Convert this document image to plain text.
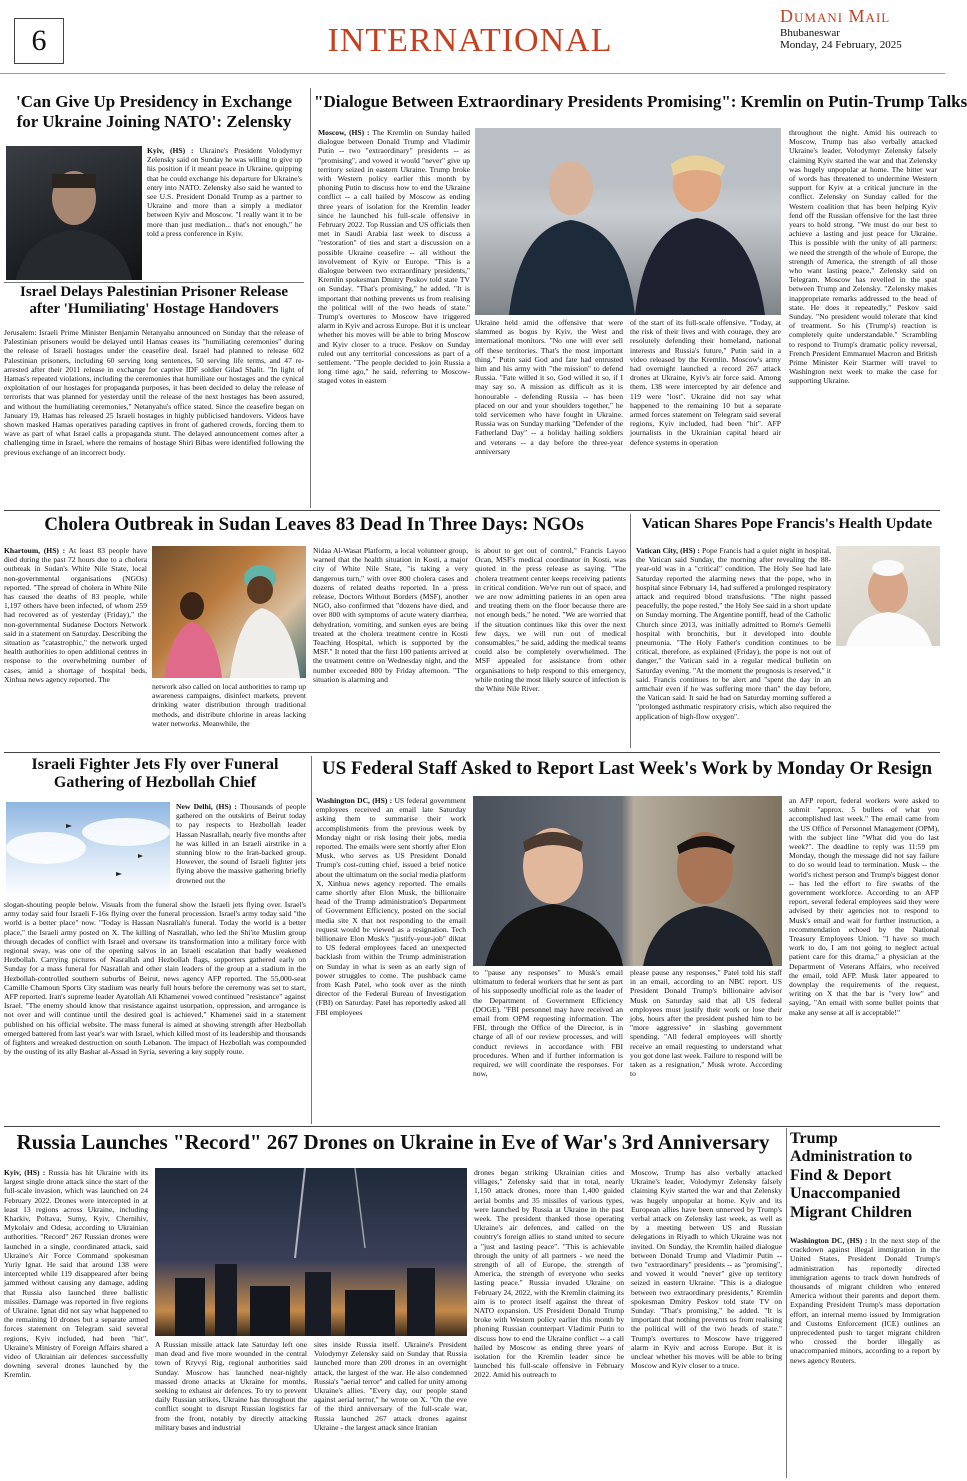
6	INTERNATIONAL
Dumani Mail
Bhubaneswar
Monday, 24 February, 2025
'Can Give Up Presidency in Exchange for Ukraine Joining NATO': Zelensky
Kyiv, (HS) : Ukraine's President Volodymyr Zelensky said on Sunday he was willing to give up his position if it meant peace in Ukraine, quipping that he could exchange his departure for Ukraine's entry into NATO. Zelensky also said he wanted to see U.S. President Donald Trump as a partner to Ukraine and more than a simply a mediator between Kyiv and Moscow. "I really want it to be more than just mediation... that's not enough," he told a press conference in Kyiv.
Israel Delays Palestinian Prisoner Release after 'Humiliating' Hostage Handovers
Jerusalem: Israeli Prime Minister Benjamin Netanyahu announced on Sunday that the release of Palestinian prisoners would be delayed until Hamas ceases its "humiliating ceremonies" during the release of Israeli hostages under the ceasefire deal. Israel had planned to release 602 Palestinian prisoners, including 60 serving long sentences, 50 serving life terms, and 47 re-arrested after their 2011 release in exchange for captive IDF soldier Gilad Shalit. "In light of Hamas's repeated violations, including the ceremonies that humiliate our hostages and the cynical exploitation of our hostages for propaganda purposes, it has been decided to delay the release of terrorists that was planned for yesterday until the release of the next hostages has been assured, and without the humiliating ceremonies," Netanyahu's office stated. Since the ceasefire began on January 19, Hamas has released 25 Israeli hostages in highly publicised handovers. Videos have shown masked Hamas operatives parading captives in front of gathered crowds, forcing them to wave as part of what Israel calls a propaganda stunt. The delayed announcement comes after a challenging time in Israel, where the remains of hostage Shiri Bibas were identified following the previous exchange of an incorrect body.
"Dialogue Between Extraordinary Presidents Promising": Kremlin on Putin-Trump Talks
Moscow, (HS) : The Kremlin on Sunday hailed dialogue between Donald Trump and Vladimir Putin -- two "extraordinary" presidents -- as "promising", and vowed it would "never" give up territory seized in eastern Ukraine. Trump broke with Western policy earlier this month by phoning Putin to discuss how to end the Ukraine conflict -- a call hailed by Moscow as ending three years of isolation for the Kremlin leader since he launched his full-scale offensive in February 2022. Top Russian and US officials then met in Saudi Arabia last week to discuss a "restoration" of ties and start a discussion on a possible Ukraine ceasefire -- all without the involvement of Kyiv or Europe. "This is a dialogue between two extraordinary presidents," Kremlin spokesman Dmitry Peskov told state TV on Sunday. "That's promising," he added. "It is important that nothing prevents us from realising the political will of the two heads of state." Trump's overtures to Moscow have triggered alarm in Kyiv and across Europe. But it is unclear whether his moves will be able to bring Moscow and Kyiv closer to a truce. Peskov on Sunday ruled out any territorial concessions as part of a settlement. "The people decided to join Russia a long time ago," he said, referring to Moscow-staged votes in eastern
Ukraine held amid the offensive that were slammed as bogus by Kyiv, the West and international monitors. "No one will ever sell off these territories. That's the most important thing." Putin said God and fate had entrusted him and his army with "the mission" to defend Russia. "Fate willed it so, God willed it so, if I may say so. A mission as difficult as it is honourable - defending Russia -- has been placed on our and your shoulders together," he told servicemen who have fought in Ukraine. Russia was on Sunday marking "Defender of the Fatherland Day" -- a holiday hailing soldiers and veterans -- a day before the three-year anniversary
of the start of its full-scale offensive. "Today, at the risk of their lives and with courage, they are resolutely defending their homeland, national interests and Russia's future," Putin said in a video released by the Kremlin. Moscow's army had overnight launched a record 267 attack drones at Ukraine, Kyiv's air force said. Among them, 138 were intercepted by air defence and 119 were "lost". Ukraine did not say what happened to the remaining 10 but a separate armed forces statement on Telegram said several regions, Kyiv included, had been "hit". AFP journalists in the Ukrainian capital heard air defence systems in operation
throughout the night. Amid his outreach to Moscow, Trump has also verbally attacked Ukraine's leader, Volodymyr Zelensky falsely claiming Kyiv started the war and that Zelensky was hugely unpopular at home. The bitter war of words has threatened to undermine Western support for Kyiv at a critical juncture in the conflict. Zelensky on Sunday called for the Western coalition that has been helping Kyiv fend off the Russian offensive for the last three years to hold strong. "We must do our best to achieve a lasting and just peace for Ukraine. This is possible with the unity of all partners: we need the strength of the whole of Europe, the strength of America, the strength of all those who want lasting peace," Zelensky said on Telegram. Moscow has revelled in the spat between Trump and Zelensky. "Zelensky makes inappropriate remarks addressed to the head of state. He does it repeatedly," Peskov said Sunday. "No president would tolerate that kind of treatment. So his (Trump's) reaction is completely quite understandable." Scrambling to respond to Trump's dramatic policy reversal, French President Emmanuel Macron and British Prime Minister Keir Starmer will travel to Washington next week to make the case for supporting Ukraine.
Cholera Outbreak in Sudan Leaves 83 Dead In Three Days: NGOs
Khartoum, (HS) : At least 83 people have died during the past 72 hours due to a cholera outbreak in Sudan's White Nile State, local non-governmental organisations (NGOs) reported. "The spread of cholera in White Nile has caused the deaths of 83 people, while 1,197 others have been infected, of whom 259 had recovered as of yesterday (Friday)," the non-governmental Sudanese Doctors Network said in a statement on Saturday. Describing the situation as "catastrophic," the network urged health authorities to open additional centres in response to the overwhelming number of cases, amid a shortage of hospital beds, Xinhua news agency reported. The
network also called on local authorities to ramp up awareness campaigns, disinfect markets, prevent drinking water distribution through traditional methods, and distribute chlorine in areas lacking water networks. Meanwhile, the
Nidaa Al-Wasat Platform, a local volunteer group, warned that the health situation in Kosti, a major city of White Nile State, "is taking a very dangerous turn," with over 800 cholera cases and dozens of related deaths reported. In a press release, Doctors Without Borders (MSF), another NGO, also confirmed that "dozens have died, and over 800 with symptoms of acute watery diarrhea, dehydration, vomiting, and sunken eyes are being treated at the cholera treatment centre in Kosti Teaching Hospital, which is supported by the MSF." It noted that the first 100 patients arrived at the treatment centre on Wednesday night, and the number exceeded 800 by Friday afternoon. "The situation is alarming and
is about to get out of control," Francis Layoo Ocan, MSF's medical coordinator in Kosti, was quoted in the press release as saying. "The cholera treatment center keeps receiving patients in critical condition. We've run out of space, and we are now admitting patients in an open area and treating them on the floor because there are not enough beds," he noted. "We are worried that if the situation continues like this over the next few days, we will run out of medical consumables," he said, adding the medical teams could also be completely overwhelmed. The MSF appealed for assistance from other organisations to help respond to this emergency, while noting the most likely source of infection is the White Nile River.
Vatican Shares Pope Francis's Health Update
Vatican City, (HS) : Pope Francis had a quiet night in hospital, the Vatican said Sunday, the morning after revealing the 88-year-old was in a "critical" condition. The Holy See had late Saturday reported the alarming news that the pope, who in hospital since February 14, had suffered a prolonged respiratory attack and required blood transfusions. "The night passed peacefully, the pope rested," the Holy See said in a short update on Sunday morning. The Argentine pontiff, head of the Catholic Church since 2013, was initially admitted to Rome's Gemelli hospital with bronchitis, but it developed into double pneumonia. "The Holy Father's condition continues to be critical, therefore, as explained (Friday), the pope is not out of danger," the Vatican said in a regular medical bulletin on Saturday evening. "At the moment the prognosis is reserved," it said. Francis continues to be alert and "spent the day in an armchair even if he was suffering more than" the day before, the Vatican said. It said he had on Saturday morning suffered a "prolonged asthmatic respiratory crisis, which also required the application of high-flow oxygen".
Israeli Fighter Jets Fly over Funeral Gathering of Hezbollah Chief
New Delhi, (HS) : Thousands of people gathered on the outskirts of Beirut today to pay respects to Hezbollah leader Hassan Nasrallah, nearly five months after he was killed in an Israeli airstrike in a stunning blow to the Iran-backed group. However, the sound of Israeli fighter jets flying above the massive gathering briefly drowned out the
slogan-shouting people below. Visuals from the funeral show the Israeli jets flying over. Israel's army today said four Israeli F-16s flying over the funeral procession. Israel's army today said "the world is a better place" now. "Today is Hassan Nasrallah's funeral. Today the world is a better place," the Israeli army posted on X. The killing of Nasrallah, who led the Shi'ite Muslim group through decades of conflict with Israel and oversaw its transformation into a military force with regional sway, was one of the opening salvos in an Israeli escalation that badly weakened Hezbollah. Carrying pictures of Nasrallah and Hezbollah flags, supporters gathered early on Sunday for a mass funeral for Nasrallah and other slain leaders of the group at a stadium in the Hezbollah-controlled southern suburbs of Beirut, news agency AFP reported. The 55,000-seat Camille Chamoun Sports City stadium was nearly full hours before the ceremony was set to start, AFP reported. Iran's supreme leader Ayatollah Ali Khamenei vowed continued "resistance" against Israel. "The enemy should know that resistance against usurpation, oppression, and arrogance is not over and will continue until the desired goal is achieved," Khamenei said in a statement published on his official website. The mass funeral is aimed at showing strength after Hezbollah emerged battered from last year's war with Israel, which killed most of its leadership and thousands of fighters and wreaked destruction on south Lebanon. The impact of Hezbollah was compounded by the ousting of its ally Bashar al-Assad in Syria, severing a key supply route.
US Federal Staff Asked to Report Last Week's Work by Monday Or Resign
Washington DC, (HS) : US federal government employees received an email late Saturday asking them to summarise their work accomplishments from the previous week by Monday night or risk losing their jobs, media reported. The emails were sent shortly after Elon Musk, who serves as US President Donald Trump's cost-cutting chief, issued a brief notice about the ultimatum on the social media platform X, Xinhua news agency reported. The emails came shortly after Elon Musk, the billionaire head of the Trump administration's Department of Government Efficiency, posted on the social media site X that not responding to the email request would be viewed as a resignation. Tech billionaire Elon Musk's "justify-your-job" diktat to US federal employees faced an unexpected backlash from within the Trump administration on Sunday in what is seen as an early sign of power struggles to come. The pushback came from Kash Patel, who took over as the ninth director of the Federal Bureau of Investigation (FBI) on Saturday. Patel has reportedly asked all FBI employees
to "pause any responses" to Musk's email ultimatum to federal workers that he sent as part of his supposedly unofficial role as the leader of the Department of Government Efficiency (DOGE). "FBI personnel may have received an email from OPM requesting information. The FBI, through the Office of the Director, is in charge of all of our review processes, and will conduct reviews in accordance with FBI procedures. When and if further information is required, we will coordinate the responses. For now,
please pause any responses," Patel told his staff in an email, according to an NBC report. US President Donald Trump's billionaire advisor Musk on Saturday said that all US federal employees must justify their work or lose their jobs, hours after the president pushed him to be "more aggressive" in slashing government spending. "All federal employees will shortly receive an email requesting to understand what you got done last week. Failure to respond will be taken as a resignation," Musk wrote. According to
an AFP report, federal workers were asked to submit "approx. 5 bullets of what you accomplished last week." The email came from the US Office of Personnel Management (OPM), with the subject line "What did you do last week?". The deadline to reply was 11:59 pm Monday, though the message did not say failure to do so would lead to termination. Musk -- the world's richest person and Trump's biggest donor -- has led the effort to fire swaths of the government workforce. According to an AFP report, several federal employees said they were advised by their agencies not to respond to Musk's email and wait for further instruction, a recommendation echoed by the National Treasury Employees Union. "I have so much work to do, I am not going to neglect actual patient care for this drama," a physician at the Department of Veterans Affairs, who received the email, told AFP. Musk later appeared to downplay the requirements of the request, writing on X that the bar is "very low" and saying, "An email with some bullet points that make any sense at all is acceptable!"
Russia Launches "Record" 267 Drones on Ukraine in Eve of War's 3rd Anniversary
Kyiv, (HS) : Russia has hit Ukraine with its largest single drone attack since the start of the full-scale invasion, which was launched on 24 February 2022. Drones were intercepted in at least 13 regions across Ukraine, including Kharkiv, Poltava, Sumy, Kyiv, Chernihiv, Mykolaiv and Odesa, according to Ukrainian authorities. "Record" 267 Russian drones were launched in a single, coordinated attack, said Ukraine's Air Force Command spokesman Yuriy Ignat. He said that around 138 were intercepted while 119 disappeared after being jammed without causing any damage, adding that Russia also launched three ballistic missiles. Damage was reported in five regions of Ukraine. Ignat did not say what happened to the remaining 10 drones but a separate armed forces statement on Telegram said several regions, Kyiv included, had been "hit". Ukraine's Ministry of Foreign Affairs shared a video of Ukrainian air defences successfully downing several drones launched by the Kremlin.
A Russian missile attack late Saturday left one man dead and five more wounded in the central town of Kryvyi Rig, regional authorities said Sunday. Moscow has launched near-nightly massed drone attacks at Ukraine for months, seeking to exhaust air defences. To try to prevent daily Russian strikes, Ukraine has throughout the conflict sought to disrupt Russian logistics far from the front, notably by directly attacking military bases and industrial
sites inside Russia itself. Ukraine's President Volodymyr Zelensky said on Sunday that Russia launched more than 200 drones in an overnight attack, the largest of the war. He also condemned Russia's "aerial terror" and called for unity among Ukraine's allies. "Every day, our people stand against aerial terror," he wrote on X. "On the eve of the third anniversary of the full-scale war, Russia launched 267 attack drones against Ukraine - the largest attack since Iranian
drones began striking Ukrainian cities and villages," Zelensky said that in total, nearly 1,150 attack drones, more than 1,400 guided aerial bombs and 35 missiles of various types, were launched by Russia at Ukraine in the past week. The president thanked those operating Ukraine's air defences, and called on the country's foreign allies to stand united to secure a "just and lasting peace". "This is achievable through the unity of all partners - we need the strength of all of Europe, the strength of America, the strength of everyone who seeks lasting peace." Russia invaded Ukraine on February 24, 2022, with the Kremlin claiming its aim is to protect itself against the threat of NATO expansion. US President Donald Trump broke with Western policy earlier this month by phoning Russian counterpart Vladimir Putin to discuss how to end the Ukraine conflict -- a call hailed by Moscow as ending three years of isolation for the Kremlin leader since he launched his full-scale offensive in February 2022. Amid his outreach to
Moscow, Trump has also verbally attacked Ukraine's leader, Volodymyr Zelensky falsely claiming Kyiv started the war and that Zelensky was hugely unpopular at home. Kyiv and its European allies have been unnerved by Trump's verbal attack on Zelensky last week, as well as by a meeting between US and Russian delegations in Riyadh to which Ukraine was not invited. On Sunday, the Kremlin hailed dialogue between Donald Trump and Vladimir Putin -- two "extraordinary" presidents -- as "promising", and vowed it would "never" give up territory seized in eastern Ukraine. "This is a dialogue between two extraordinary presidents," Kremlin spokesman Dmitry Peskov told state TV on Sunday. "That's promising," he added. "It is important that nothing prevents us from realising the political will of the two heads of state." Trump's overtures to Moscow have triggered alarm in Kyiv and across Europe. But it is unclear whether his moves will be able to bring Moscow and Kyiv closer to a truce.
Trump Administration to Find & Deport Unaccompanied Migrant Children
Washington DC, (HS) : In the next step of the crackdown against illegal immigration in the United States, President Donald Trump's administration has reportedly directed immigration agents to track down hundreds of thousands of migrant children who entered America without their parents and deport them. Expanding President Trump's mass deportation effort, an internal memo issued by Immigration and Customs Enforcement (ICE) outlines an unprecedented push to target migrant children who crossed the border illegally as unaccompanied minors, according to a report by news agency Reuters.
